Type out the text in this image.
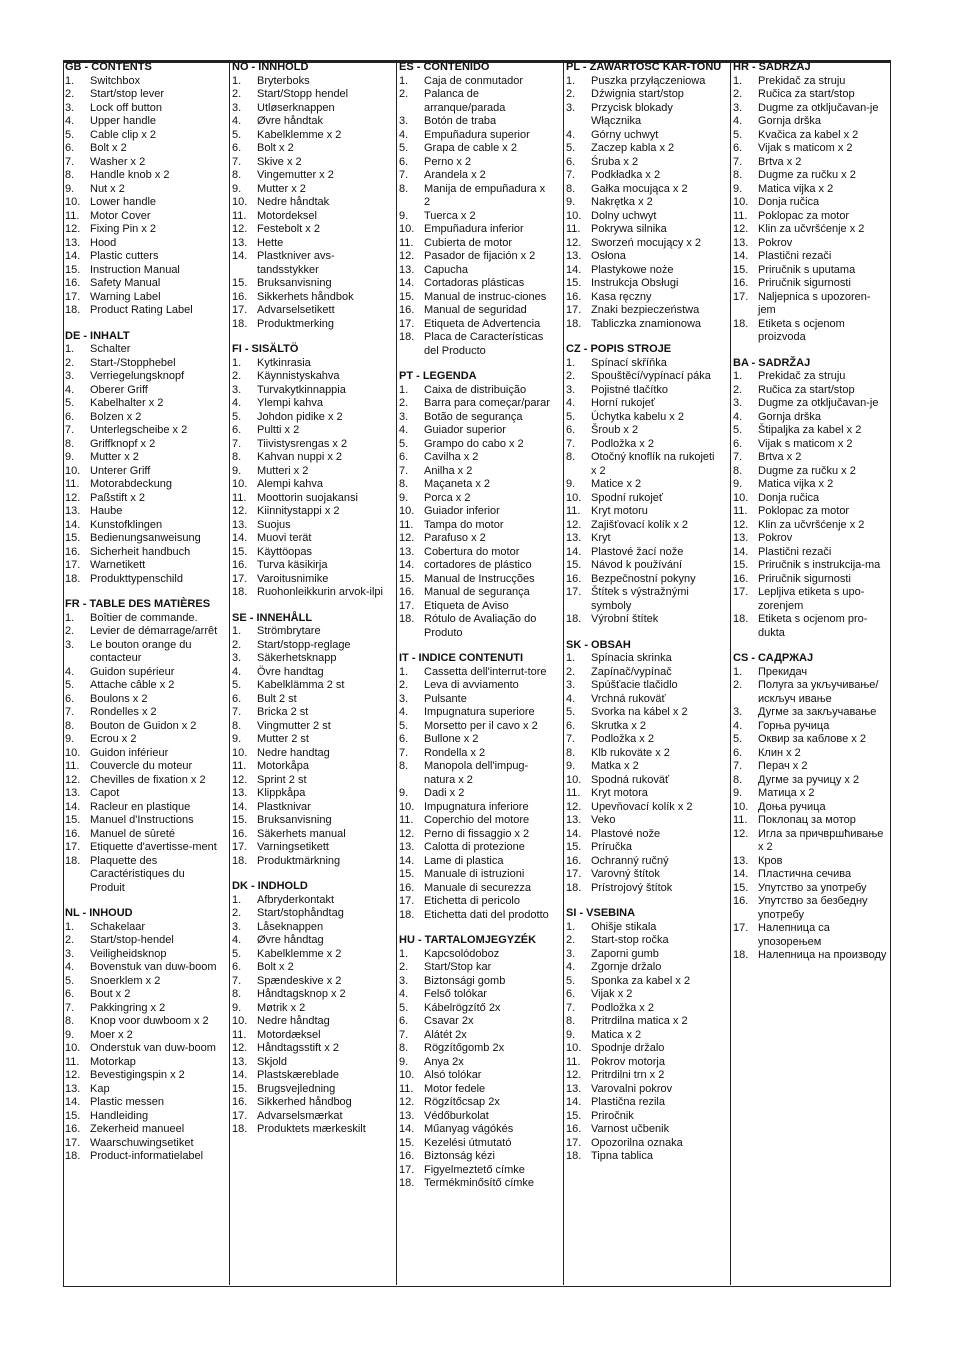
GB - CONTENTS
1.	Switchbox
2.	Start/stop lever
3.	Lock off button
4.	Upper handle
5.	Cable clip x 2
6.	Bolt x 2
7.	Washer x 2
8.	Handle knob x 2
9.	Nut x 2
10. Lower handle
11. Motor Cover
12. Fixing Pin x 2
13. Hood
14. Plastic cutters
15. Instruction Manual
16. Safety Manual
17. Warning Label
18. Product Rating Label
DE - INHALT
1.	Schalter
2.	Start-/Stopphebel
3.	Verriegelungsknopf
4.	Oberer Griff
5.	Kabelhalter x 2
6.	Bolzen x 2
7.	Unterlegscheibe x 2
8.	Griffknopf x 2
9.	Mutter x 2
10. Unterer Griff
11. Motorabdeckung
12. Paßstift x 2
13. Haube
14. Kunstofklingen
15. Bedienungsanweisung
16. Sicherheit handbuch
17. Warnetikett
18. Produkttypenschild
FR - TABLE DES MATIÈRES
1.	Boîtier de commande.
2.	Levier de démarrage/arrêt
3.	Le bouton orange du contacteur
4.	Guidon supérieur
5.	Attache câble x 2
6.	Boulons x 2
7.	Rondelles x 2
8.	Bouton de Guidon x 2
9.	Ecrou x 2
10. Guidon inférieur
11. Couvercle du moteur
12. Chevilles de fixation x 2
13. Capot
14. Racleur en plastique
15. Manuel d'Instructions
16. Manuel de sûreté
17. Etiquette d'avertisse-ment
18. Plaquette des Caractéristiques du Produit
NL - INHOUD
1.	Schakelaar
2.	Start/stop-hendel
3.	Veiligheidsknop
4.	Bovenstuk van duw-boom
5.	Snoerklem x 2
6.	Bout x 2
7.	Pakkingring x 2
8.	Knop voor duwboom x 2
9.	Moer x 2
10. Onderstuk van duw-boom
11. Motorkap
12. Bevestigingspin x 2
13. Kap
14. Plastic messen
15. Handleiding
16. Zekerheid manueel
17. Waarschuwingsetiket
18. Product-informatielabel
NO - INNHOLD
1.	Bryterboks
2.	Start/Stopp hendel
3.	Utløserknappen
4.	Øvre håndtak
5.	Kabelklemme x 2
6.	Bolt x 2
7.	Skive x 2
8.	Vingemutter x 2
9.	Mutter x 2
10. Nedre håndtak
11. Motordeksel
12. Festebolt x 2
13. Hette
14. Plastkniver avs-tandsstykker
15. Bruksanvisning
16. Sikkerhets håndbok
17. Advarselsetikett
18. Produktmerking
FI - SISÄLTÖ
1.	Kytkinrasia
2.	Käynnistyskahva
3.	Turvakytkinnappia
4.	Ylempi kahva
5.	Johdon pidike x 2
6.	Pultti x 2
7.	Tiivistysrengas x 2
8.	Kahvan nuppi x 2
9.	Mutteri x 2
10. Alempi kahva
11. Moottorin suojakansi
12. Kiinnitystappi x 2
13. Suojus
14. Muovi terät
15. Käyttöopas
16. Turva käsikirja
17. Varoitusnimike
18. Ruohonleikkurin arvok-ilpi
SE - INNEHÅLL
1.	Strömbrytare
2.	Start/stopp-reglage
3.	Säkerhetsknapp
4.	Övre handtag
5.	Kabelklämma 2 st
6.	Bult 2 st
7.	Bricka 2 st
8.	Vingmutter 2 st
9.	Mutter 2 st
10. Nedre handtag
11. Motorkåpa
12. Sprint 2 st
13. Klippkåpa
14. Plastknivar
15. Bruksanvisning
16. Säkerhets manual
17. Varningsetikett
18. Produktmärkning
DK - INDHOLD
1.	Afbryderkontakt
2.	Start/stophåndtag
3.	Låseknappen
4.	Øvre håndtag
5.	Kabelklemme x 2
6.	Bolt x 2
7.	Spændeskive x 2
8.	Håndtagsknop x 2
9.	Møtrik x 2
10. Nedre håndtag
11. Motordæksel
12. Håndtagsstift x 2
13. Skjold
14. Plastskæreblade
15. Brugsvejledning
16. Sikkerhed håndbog
17. Advarselsmærkat
18. Produktets mærkeskilt
ES - CONTENIDO
1.	Caja de conmutador
2.	Palanca de arranque/parada
3.	Botón de traba
4.	Empuñadura superior
5.	Grapa de cable x 2
6.	Perno x 2
7.	Arandela x 2
8.	Manija de empuñadura x 2
9.	Tuerca x 2
10. Empuñadura inferior
11. Cubierta de motor
12. Pasador de fijación x 2
13. Capucha
14. Cortadoras plásticas
15. Manual de instruc-ciones
16. Manual de seguridad
17. Etiqueta de Advertencia
18. Placa de Características del Producto
PT - LEGENDA
1.	Caixa de distribuição
2.	Barra para começar/parar
3.	Botão de segurança
4.	Guiador superior
5.	Grampo do cabo x 2
6.	Cavilha x 2
7.	Anilha x 2
8.	Maçaneta x 2
9.	Porca x 2
10. Guiador inferior
11. Tampa do motor
12. Parafuso x 2
13. Cobertura do motor
14. cortadores de plástico
15. Manual de Instrucções
16. Manual de segurança
17. Etiqueta de Aviso
18. Rótulo de Avaliação do Produto
IT - INDICE CONTENUTI
1.	Cassetta dell'interrut-tore
2.	Leva di avviamento
3.	Pulsante
4.	Impugnatura superiore
5.	Morsetto per il cavo x 2
6.	Bullone x 2
7.	Rondella x 2
8.	Manopola dell'impug-natura x 2
9.	Dadi x 2
10. Impugnatura inferiore
11. Coperchio del motore
12. Perno di fissaggio x 2
13. Calotta di protezione
14. Lame di plastica
15. Manuale di istruzioni
16. Manuale di securezza
17. Etichetta di pericolo
18. Etichetta dati del prodotto
HU - TARTALOMJEGYZÉK
1.	Kapcsolódoboz
2.	Start/Stop kar
3.	Biztonsági gomb
4.	Felső tolókar
5.	Kábelrögzítő 2x
6.	Csavar 2x
7.	Alátét 2x
8.	Rögzítőgomb 2x
9.	Anya 2x
10. Alsó tolókar
11. Motor fedele
12. Rögzítőcsap 2x
13. Védőburkolat
14. Műanyag vágókés
15. Kezelési útmutató
16. Biztonság kézi
17. Figyelmeztető címke
18. Termékminősítő címke
PL - ZAWARTOSC KAR-TONU
1.	Puszka przyłączeniowa
2.	Dźwignia start/stop
3.	Przycisk blokady Włącznika
4.	Górny uchwyt
5.	Zaczep kabla x 2
6.	Śruba x 2
7.	Podkładka x 2
8.	Gałka mocująca x 2
9.	Nakrętka x 2
10. Dolny uchwyt
11. Pokrywa silnika
12. Sworzeń mocujący x 2
13. Osłona
14. Plastykowe noże
15. Instrukcja Obsługi
16. Kasa ręczny
17. Znaki bezpieczeństwa
18. Tabliczka znamionowa
CZ - POPIS STROJE
1.	Spínací skříňka
2.	Spouštěcí/vypínací páka
3.	Pojistné tlačítko
4.	Horní rukojeť
5.	Úchytka kabelu x 2
6.	Šroub x 2
7.	Podložka x 2
8.	Otočný knoflík na rukojeti x 2
9.	Matice x 2
10. Spodní rukojeť
11. Kryt motoru
12. Zajišťovací kolík x 2
13. Kryt
14. Plastové žací nože
15. Návod k používání
16. Bezpečnostní pokyny
17. Štítek s výstražnými symboly
18. Výrobní štítek
SK - OBSAH
1.	Spínacia skrinka
2.	Zapínač/vypínač
3.	Spúšťacie tlačidlo
4.	Vrchná rukoväť
5.	Svorka na kábel x 2
6.	Skrutka x 2
7.	Podložka x 2
8.	Klb rukoväte x 2
9.	Matka x 2
10. Spodná rukoväť
11. Kryt motora
12. Upevňovací kolík x 2
13. Veko
14. Plastové nože
15. Príručka
16. Ochranný ručný
17. Varovný štítok
18. Prístrojový štítok
SI - VSEBINA
1.	Ohišje stikala
2.	Start-stop ročka
3.	Zaporni gumb
4.	Zgornje držalo
5.	Sponka za kabel x 2
6.	Vijak x 2
7.	Podložka x 2
8.	Pritrdilna matica x 2
9.	Matica x 2
10. Spodnje držalo
11. Pokrov motorja
12. Pritrdilni trn x 2
13. Varovalni pokrov
14. Plastična rezila
15. Priročnik
16. Varnost učbenik
17. Opozorilna oznaka
18. Tipna tablica
HR - SADRŽAJ
1.	Prekidač za struju
2.	Ručica za start/stop
3.	Dugme za otključavan-je
4.	Gornja drška
5.	Kvačica za kabel x 2
6.	Vijak s maticom x 2
7.	Brtva x 2
8.	Dugme za ručku x 2
9.	Matica vijka x 2
10. Donja ručica
11. Poklopac za motor
12. Klin za učvršćenje x 2
13. Pokrov
14. Plastični rezači
15. Priručnik s uputama
16. Priručnik sigurnosti
17. Naljepnica s upozoren-jem
18. Etiketa s ocjenom proizvoda
BA - SADRŽAJ
1.	Prekidač za struju
2.	Ručica za start/stop
3.	Dugme za otključavan-je
4.	Gornja drška
5.	Štipaljka za kabel x 2
6.	Vijak s maticom x 2
7.	Brtva x 2
8.	Dugme za ručku x 2
9.	Matica vijka x 2
10. Donja ručica
11. Poklopac za motor
12. Klin za učvršćenje x 2
13. Pokrov
14. Plastični rezači
15. Priručnik s instrukcija-ma
16. Priručnik sigurnosti
17. Lepljiva etiketa s upo-zorenjem
18. Etiketa s ocjenom pro-dukta
CS - САДРЖАЈ
1.	Прекидач
2.	Полуга за укључивање/искључ ивање
3.	Дугме за закључавање
4.	Горња ручица
5.	Оквир за каблове x 2
6.	Клин x 2
7.	Перач x 2
8.	Дугме за ручицу x 2
9.	Матица x 2
10. Доња ручица
11. Поклопац за мотор
12. Игла за причвршћивање x 2
13. Кров
14. Пластична сечива
15. Упутство за употребу
16. Упутство за безбедну употребу
17. Налепница са упозорењем
18. Налепница на производу
